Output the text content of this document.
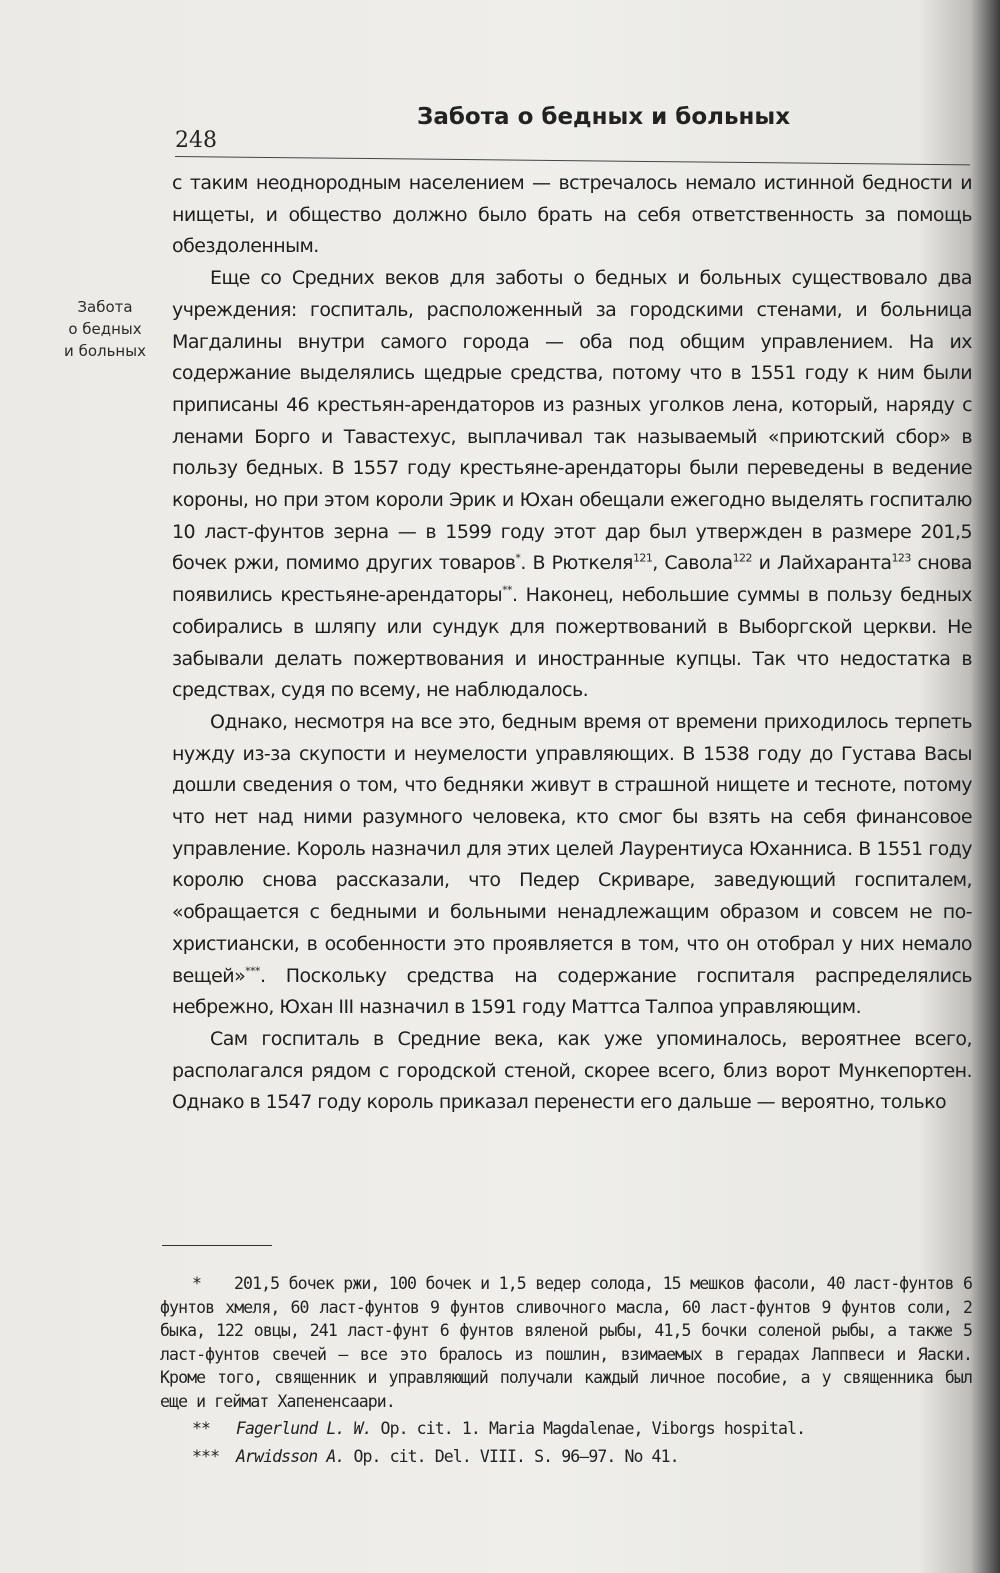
248
Забота о бедных и больных
Забота
о бедных
и больных

с таким неоднородным населением — встречалось немало истинной бедности и нищеты, и общество должно было брать на себя ответственность за помощь обездоленным.

Еще со Средних веков для заботы о бедных и больных существовало два учреждения: госпиталь, расположенный за городскими стенами, и больница Магдалины внутри самого города — оба под общим управлением. На их содержание выделялись щедрые средства, потому что в 1551 году к ним были приписаны 46 крестьян-арендаторов из разных уголков лена, который, наряду с ленами Борго и Тавастехус, выплачивал так называемый «приютский сбор» в пользу бедных. В 1557 году крестьяне-арендаторы были переведены в ведение короны, но при этом короли Эрик и Юхан обещали ежегодно выделять госпиталю 10 ласт-фунтов зерна — в 1599 году этот дар был утвержден в размере 201,5 бочек ржи, помимо других товаров*. В Рюткеля$^{121}$, Савола$^{122}$ и Лайхаранта$^{123}$ снова появились крестьяне-арендаторы**. Наконец, небольшие суммы в пользу бедных собирались в шляпу или сундук для пожертвований в Выборгской церкви. Не забывали делать пожертвования и иностранные купцы. Так что недостатка в средствах, судя по всему, не наблюдалось.

Однако, несмотря на все это, бедным время от времени приходилось терпеть нужду из-за скупости и неумелости управляющих. В 1538 году до Густава Васы дошли сведения о том, что бедняки живут в страшной нищете и тесноте, потому что нет над ними разумного человека, кто смог бы взять на себя финансовое управление. Король назначил для этих целей Лаурентиуса Юханниса. В 1551 году королю снова рассказали, что Педер Скриваре, заведующий госпиталем, «обращается с бедными и больными ненадлежащим образом и совсем не по-христиански, в особенности это проявляется в том, что он отобрал у них немало вещей»***. Поскольку средства на содержание госпиталя распределялись небрежно, Юхан III назначил в 1591 году Маттса Талпоа управляющим.

Сам госпиталь в Средние века, как уже упоминалось, вероятнее всего, располагался рядом с городской стеной, скорее всего, близ ворот Мункепортен. Однако в 1547 году король приказал перенести его дальше — вероятно, только

* 201,5 бочек ржи, 100 бочек и 1,5 ведер солода, 15 мешков фасоли, 40 ласт-фунтов 6 фунтов хмеля, 60 ласт-фунтов 9 фунтов сливочного масла, 60 ласт-фунтов 9 фунтов соли, 2 быка, 122 овцы, 241 ласт-фунт 6 фунтов вяленой рыбы, 41,5 бочки соленой рыбы, а также 5 ласт-фунтов свечей — все это бралось из пошлин, взимаемых в герадах Лаппвеси и Яаски. Кроме того, священник и управляющий получали каждый личное пособие, а у священника был еще и геймат Хапененсаари.

** Fagerlund L. W. Op. cit. 1. Maria Magdalenae, Viborgs hospital.

*** Arwidsson A. Op. cit. Del. VIII. S. 96–97. No 41.
